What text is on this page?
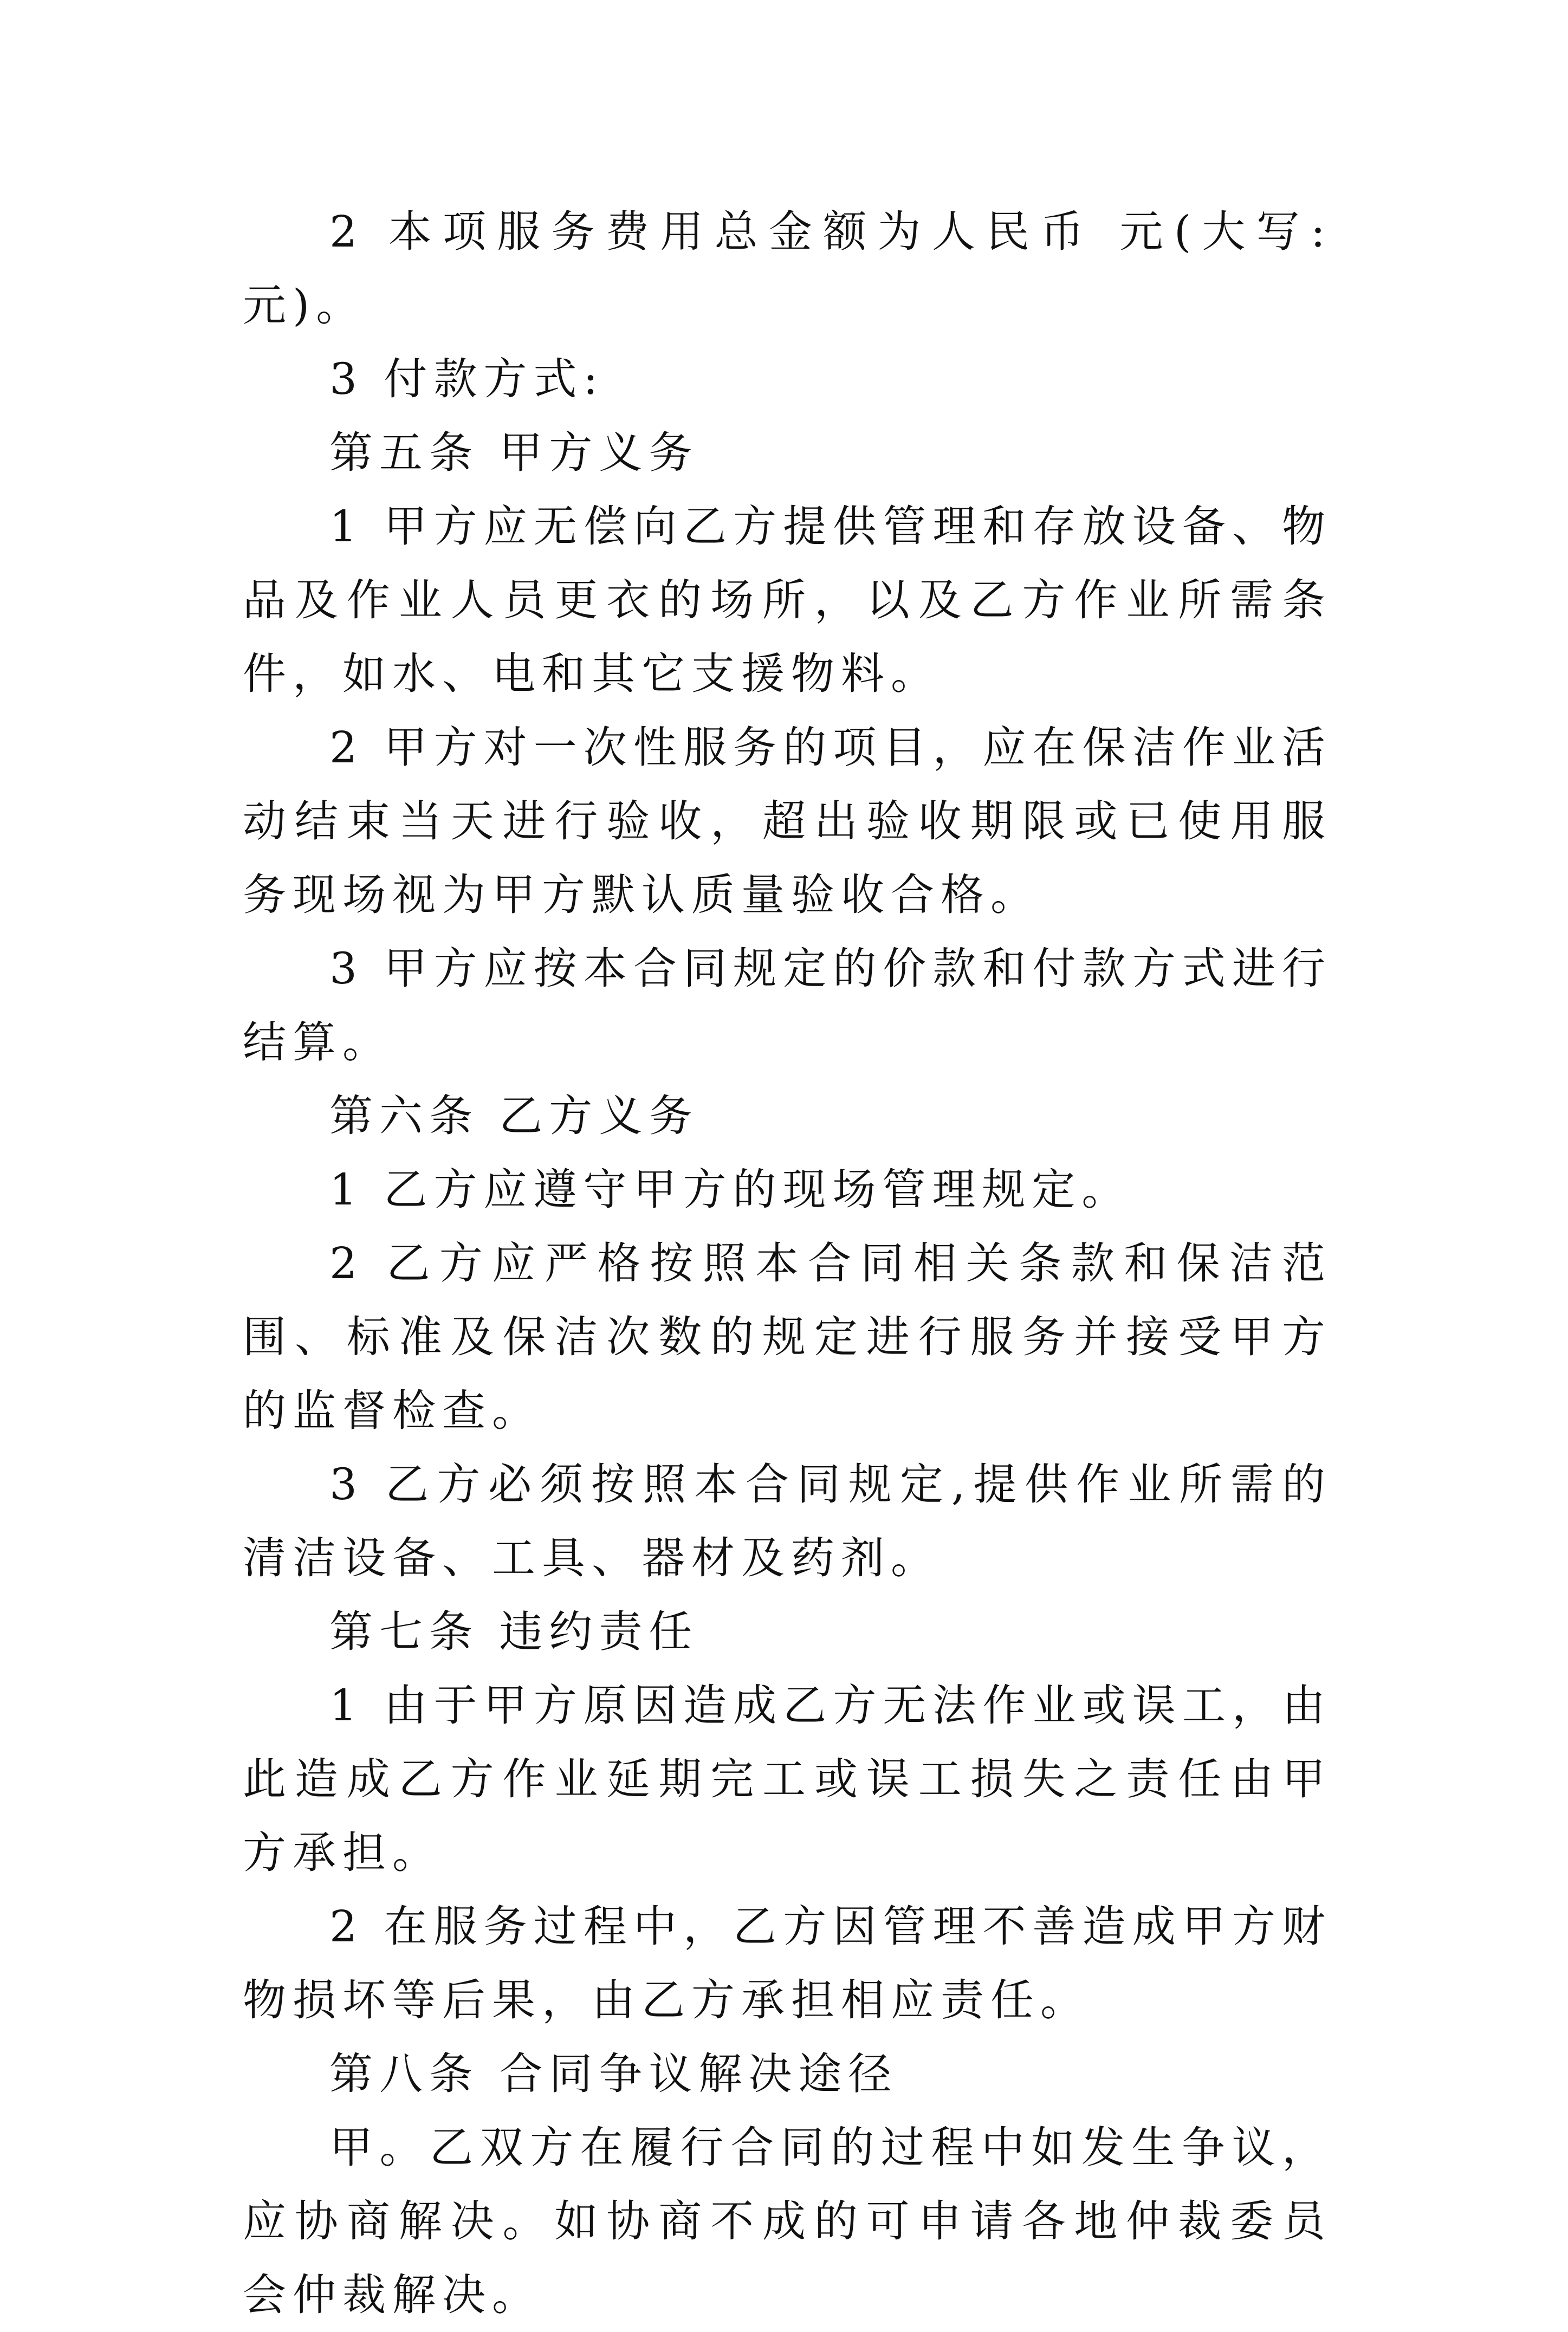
2 本项服务费用总金额为人民币 元(大写: 元)。

3 付款方式:

第五条 甲方义务

1 甲方应无偿向乙方提供管理和存放设备、物品及作业人员更衣的场所，以及乙方作业所需条件，如水、电和其它支援物料。

2 甲方对一次性服务的项目，应在保洁作业活动结束当天进行验收，超出验收期限或已使用服务现场视为甲方默认质量验收合格。

3 甲方应按本合同规定的价款和付款方式进行结算。

第六条 乙方义务

1 乙方应遵守甲方的现场管理规定。

2 乙方应严格按照本合同相关条款和保洁范围、标准及保洁次数的规定进行服务并接受甲方的监督检查。

3 乙方必须按照本合同规定,提供作业所需的清洁设备、工具、器材及药剂。

第七条 违约责任

1 由于甲方原因造成乙方无法作业或误工，由此造成乙方作业延期完工或误工损失之责任由甲方承担。

2 在服务过程中，乙方因管理不善造成甲方财物损坏等后果，由乙方承担相应责任。

第八条 合同争议解决途径

甲。乙双方在履行合同的过程中如发生争议，应协商解决。如协商不成的可申请各地仲裁委员会仲裁解决。
